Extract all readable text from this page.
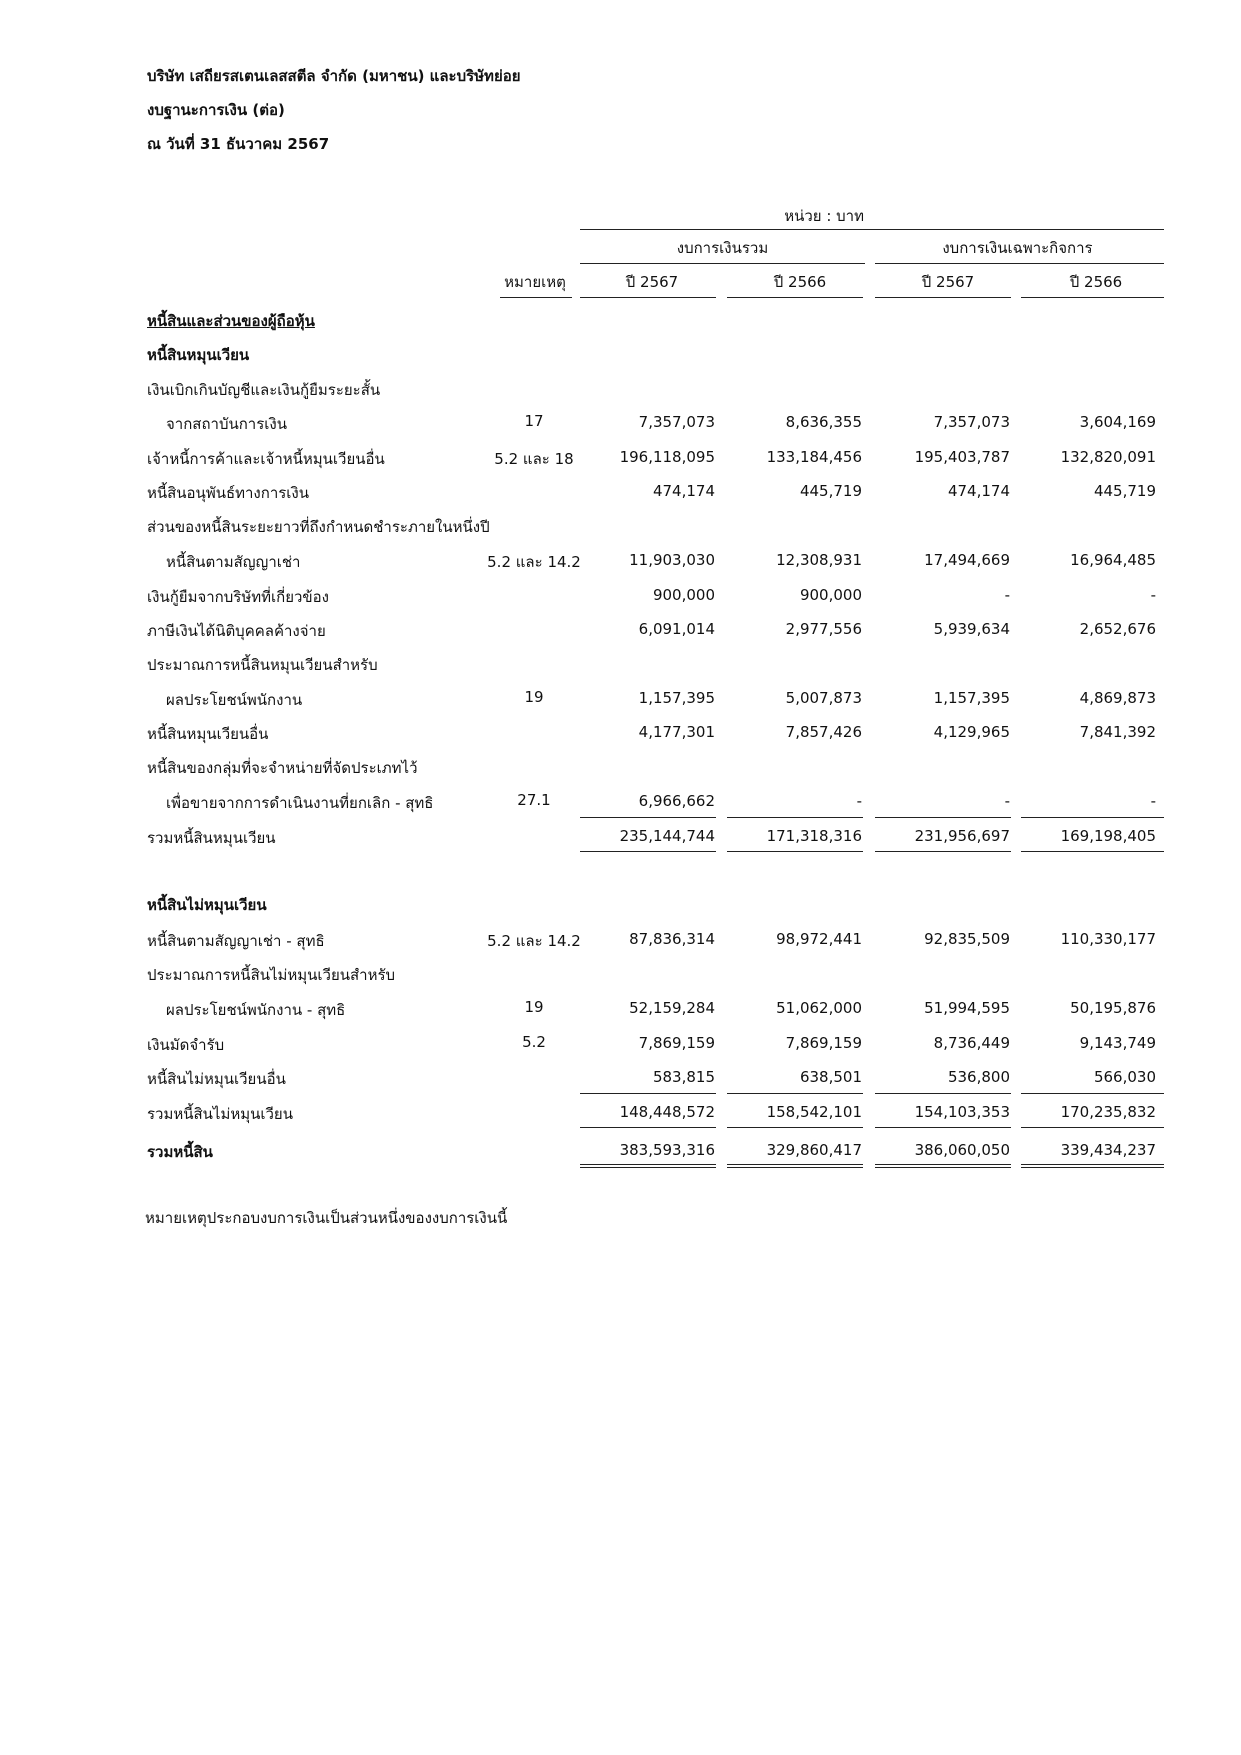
บริษัท เสถียรสเตนเลสสตีล จำกัด (มหาชน) และบริษัทย่อย
งบฐานะการเงิน (ต่อ)
ณ วันที่ 31 ธันวาคม 2567
หน่วย : บาท
งบการเงินรวม	งบการเงินเฉพาะกิจการ
หมายเหตุ	ปี 2567	ปี 2566	ปี 2567	ปี 2566
หนี้สินและส่วนของผู้ถือหุ้น
หนี้สินหมุนเวียน
เงินเบิกเกินบัญชีและเงินกู้ยืมระยะสั้น
จากสถาบันการเงิน	17	7,357,073	8,636,355	7,357,073	3,604,169
เจ้าหนี้การค้าและเจ้าหนี้หมุนเวียนอื่น	5.2 และ 18	196,118,095	133,184,456	195,403,787	132,820,091
หนี้สินอนุพันธ์ทางการเงิน	474,174	445,719	474,174	445,719
ส่วนของหนี้สินระยะยาวที่ถึงกำหนดชำระภายในหนึ่งปี
หนี้สินตามสัญญาเช่า	5.2 และ 14.2	11,903,030	12,308,931	17,494,669	16,964,485
เงินกู้ยืมจากบริษัทที่เกี่ยวข้อง	900,000	900,000	-	-
ภาษีเงินได้นิติบุคคลค้างจ่าย	6,091,014	2,977,556	5,939,634	2,652,676
ประมาณการหนี้สินหมุนเวียนสำหรับ
ผลประโยชน์พนักงาน	19	1,157,395	5,007,873	1,157,395	4,869,873
หนี้สินหมุนเวียนอื่น	4,177,301	7,857,426	4,129,965	7,841,392
หนี้สินของกลุ่มที่จะจำหน่ายที่จัดประเภทไว้
เพื่อขายจากการดำเนินงานที่ยกเลิก - สุทธิ	27.1	6,966,662	-	-	-
รวมหนี้สินหมุนเวียน	235,144,744	171,318,316	231,956,697	169,198,405
หนี้สินไม่หมุนเวียน
หนี้สินตามสัญญาเช่า - สุทธิ	5.2 และ 14.2	87,836,314	98,972,441	92,835,509	110,330,177
ประมาณการหนี้สินไม่หมุนเวียนสำหรับ
ผลประโยชน์พนักงาน - สุทธิ	19	52,159,284	51,062,000	51,994,595	50,195,876
เงินมัดจำรับ	5.2	7,869,159	7,869,159	8,736,449	9,143,749
หนี้สินไม่หมุนเวียนอื่น	583,815	638,501	536,800	566,030
รวมหนี้สินไม่หมุนเวียน	148,448,572	158,542,101	154,103,353	170,235,832
รวมหนี้สิน	383,593,316	329,860,417	386,060,050	339,434,237
หมายเหตุประกอบงบการเงินเป็นส่วนหนึ่งของงบการเงินนี้
